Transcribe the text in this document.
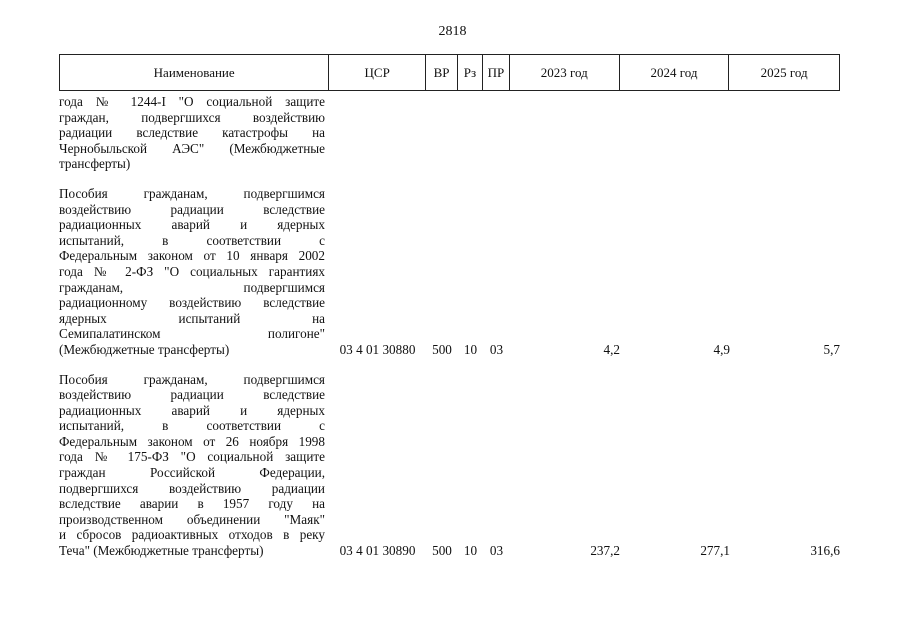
2818
Наименование	ЦСР	ВР	Рз ПР	2023 год	2024 год	2025 год
года № 1244-I "О социальной защите
граждан, подвергшихся воздействию
радиации вследствие катастрофы на
Чернобыльской АЭС" (Межбюджетные
трансферты)
Пособия гражданам, подвергшимся
воздействию радиации вследствие
радиационных аварий и ядерных
испытаний, в соответствии с
Федеральным законом от 10 января 2002
года № 2-ФЗ "О социальных гарантиях
гражданам, подвергшимся
радиационному воздействию вследствие
ядерных испытаний на
Семипалатинском полигоне"
(Межбюджетные трансферты)	03 4 01 30880	500 10 03	4,2	4,9	5,7
Пособия гражданам, подвергшимся
воздействию радиации вследствие
радиационных аварий и ядерных
испытаний, в соответствии с
Федеральным законом от 26 ноября 1998
года № 175-ФЗ "О социальной защите
граждан Российской Федерации,
подвергшихся воздействию радиации
вследствие аварии в 1957 году на
производственном объединении "Маяк"
и сбросов радиоактивных отходов в реку
Теча" (Межбюджетные трансферты)	03 4 01 30890	500 10 03	237,2	277,1	316,6
